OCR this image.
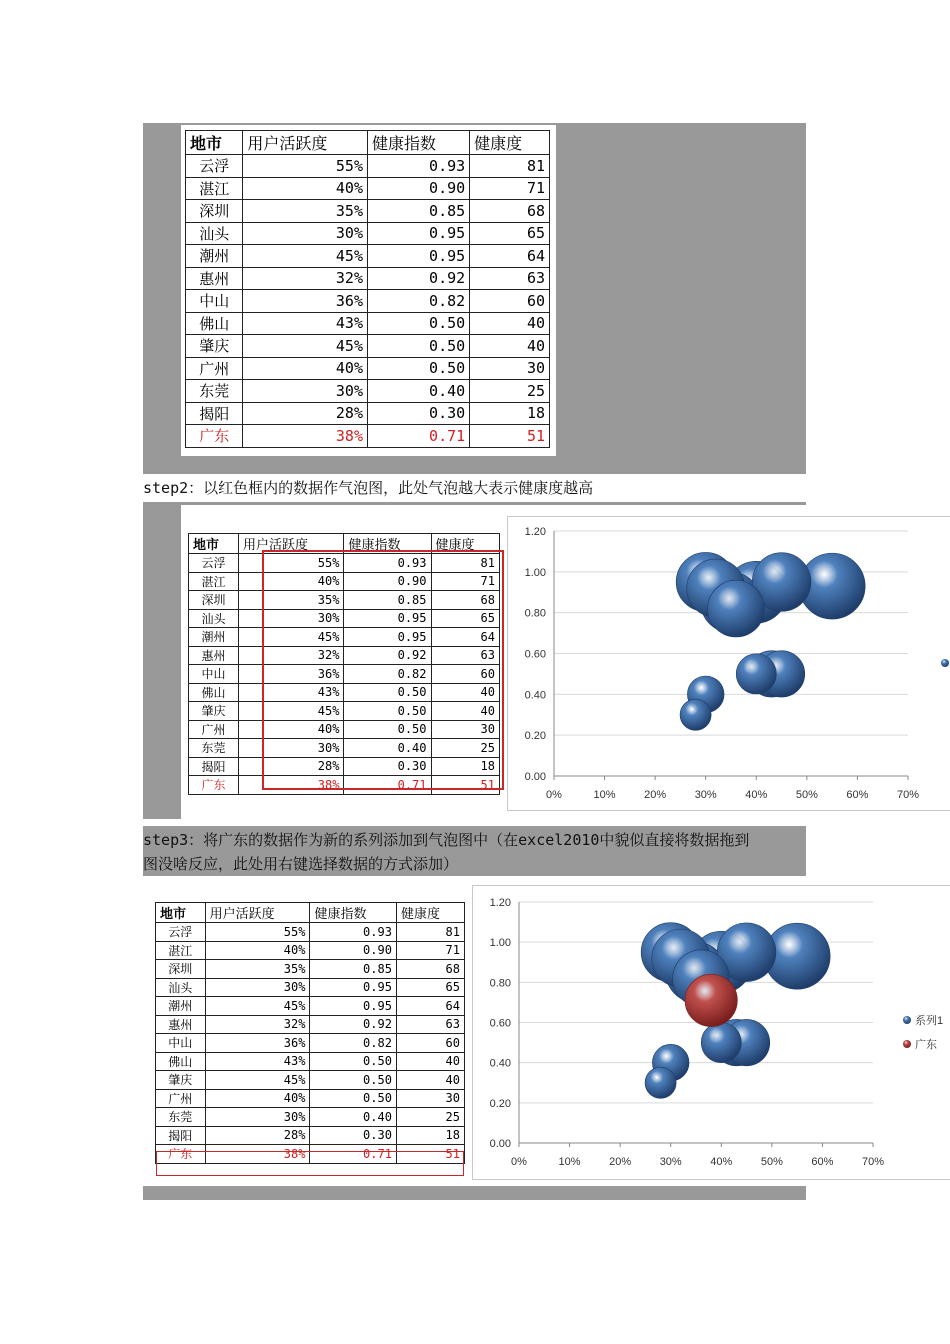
地市	用户活跃度	健康指数	健康度
云浮	55%	0.93	81
湛江	40%	0.90	71
深圳	35%	0.85	68
汕头	30%	0.95	65
潮州	45%	0.95	64
惠州	32%	0.92	63
中山	36%	0.82	60
佛山	43%	0.50	40
肇庆	45%	0.50	40
广州	40%	0.50	30
东莞	30%	0.40	25
揭阳	28%	0.30	18
广东	38%	0.71	51
step2：以红色框内的数据作气泡图，此处气泡越大表示健康度越高
地市	用户活跃度	健康指数	健康度
云浮	55%	0.93	81
湛江	40%	0.90	71
深圳	35%	0.85	68
汕头	30%	0.95	65
潮州	45%	0.95	64
惠州	32%	0.92	63
中山	36%	0.82	60
佛山	43%	0.50	40
肇庆	45%	0.50	40
广州	40%	0.50	30
东莞	30%	0.40	25
揭阳	28%	0.30	18
广东	38%	0.71	51
0.00
0.20
0.40
0.60
0.80
1.00
1.20
0%	10%	20%	30%	40%	50%	60%	70%
step3：将广东的数据作为新的系列添加到气泡图中（在excel2010中貌似直接将数据拖到
图没啥反应，此处用右键选择数据的方式添加）
地市	用户活跃度	健康指数	健康度
云浮	55%	0.93	81
湛江	40%	0.90	71
深圳	35%	0.85	68
汕头	30%	0.95	65
潮州	45%	0.95	64
惠州	32%	0.92	63
中山	36%	0.82	60
佛山	43%	0.50	40
肇庆	45%	0.50	40
广州	40%	0.50	30
东莞	30%	0.40	25
揭阳	28%	0.30	18
广东	38%	0.71	51
0.00
0.20
0.40
0.60
0.80
1.00
1.20
0%	10%	20%	30%	40%	50%	60%	70%
系列1
广东
